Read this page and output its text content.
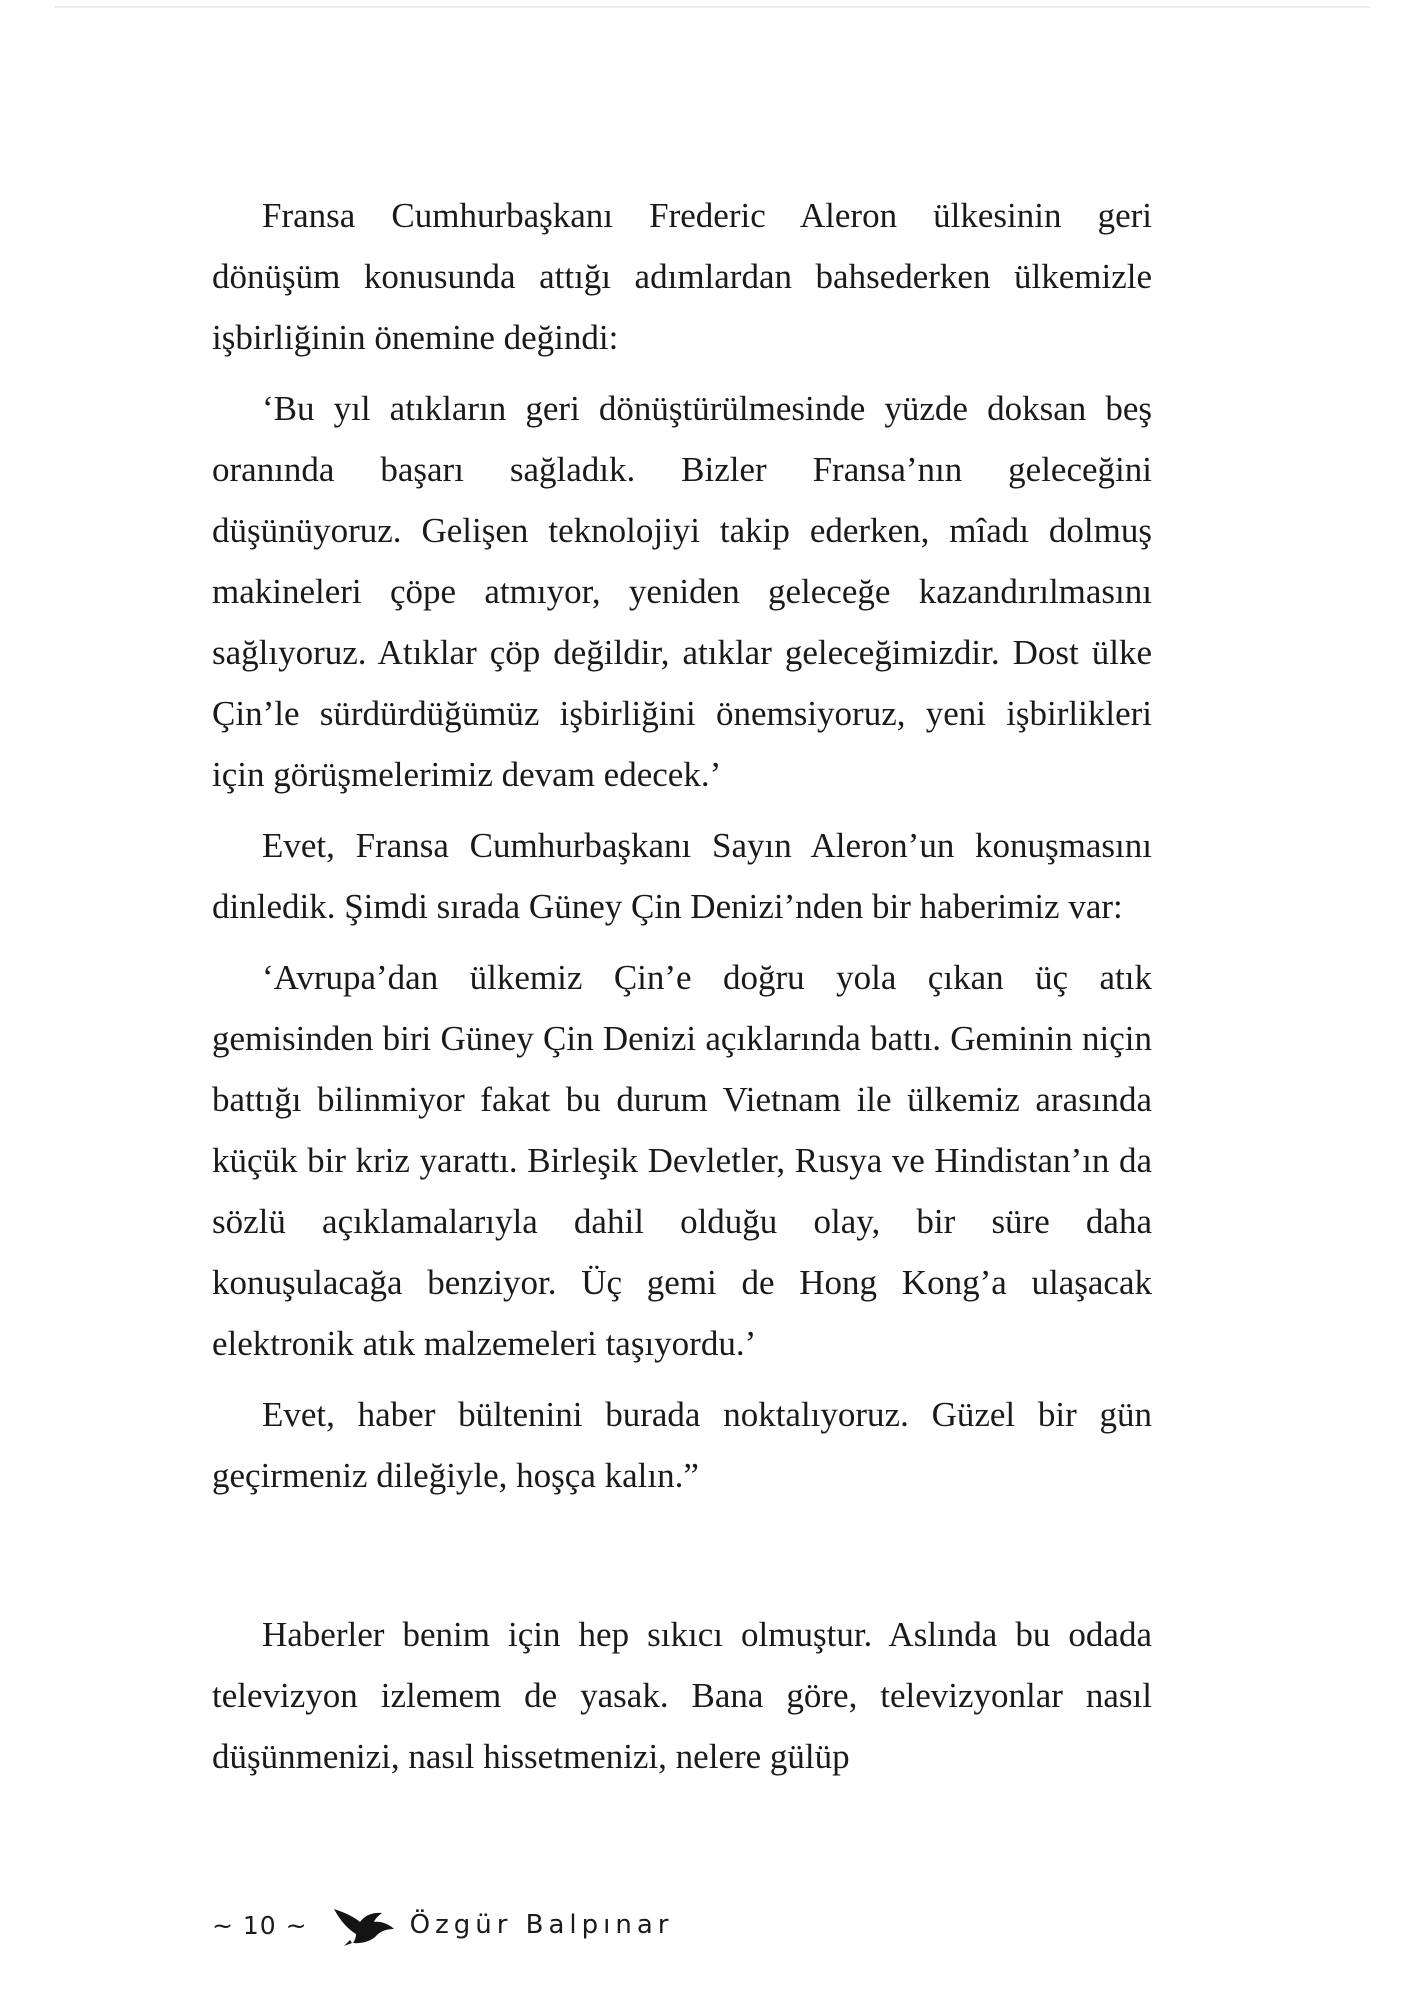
Fransa Cumhurbaşkanı Frederic Aleron ülkesinin geri dönüşüm konusunda attığı adımlardan bahsederken ülkemizle işbirliğinin önemine değindi:

‘Bu yıl atıkların geri dönüştürülmesinde yüzde doksan beş oranında başarı sağladık. Bizler Fransa’nın geleceğini düşünüyoruz. Gelişen teknolojiyi takip ederken, mîadı dolmuş makineleri çöpe atmıyor, yeniden geleceğe kazandırılmasını sağlıyoruz. Atıklar çöp değildir, atıklar geleceğimizdir. Dost ülke Çin’le sürdürdüğümüz işbirliğini önemsiyoruz, yeni işbirlikleri için görüşmelerimiz devam edecek.’

Evet, Fransa Cumhurbaşkanı Sayın Aleron’un konuşmasını dinledik. Şimdi sırada Güney Çin Denizi’nden bir haberimiz var:

‘Avrupa’dan ülkemiz Çin’e doğru yola çıkan üç atık gemisinden biri Güney Çin Denizi açıklarında battı. Geminin niçin battığı bilinmiyor fakat bu durum Vietnam ile ülkemiz arasında küçük bir kriz yarattı. Birleşik Devletler, Rusya ve Hindistan’ın da sözlü açıklamalarıyla dahil olduğu olay, bir süre daha konuşulacağa benziyor. Üç gemi de Hong Kong’a ulaşacak elektronik atık malzemeleri taşıyordu.’

Evet, haber bültenini burada noktalıyoruz. Güzel bir gün geçirmeniz dileğiyle, hoşça kalın.”

Haberler benim için hep sıkıcı olmuştur. Aslında bu odada televizyon izlemem de yasak. Bana göre, televizyonlar nasıl düşünmenizi, nasıl hissetmenizi, nelere gülüp

~ 10 ~	Özgür Balpınar
